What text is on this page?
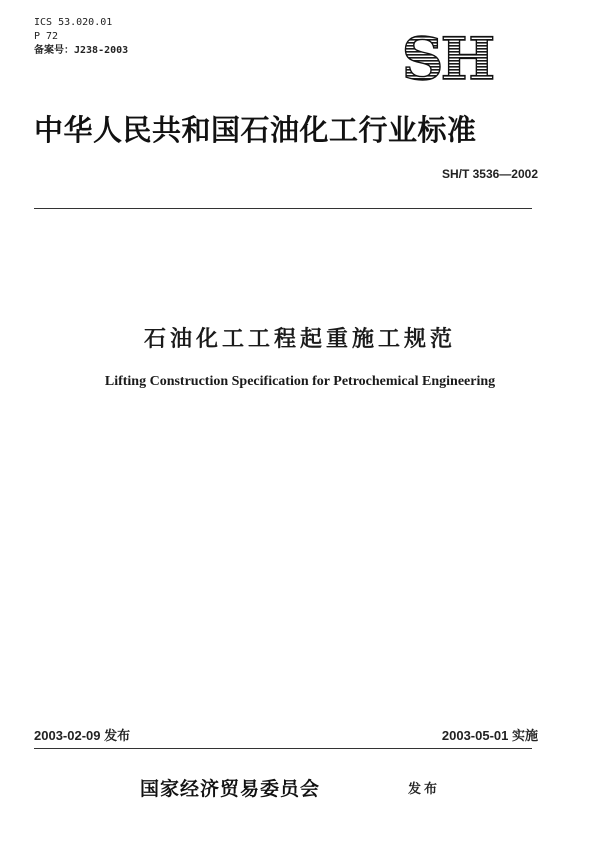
ICS 53.020.01
P 72
备案号：J238-2003	SH
中华人民共和国石油化工行业标准
SH/T 3536—2002
石油化工工程起重施工规范
Lifting Construction Specification for Petrochemical Engineering
2003-02-09 发布	2003-05-01 实施
国家经济贸易委员会	发布
